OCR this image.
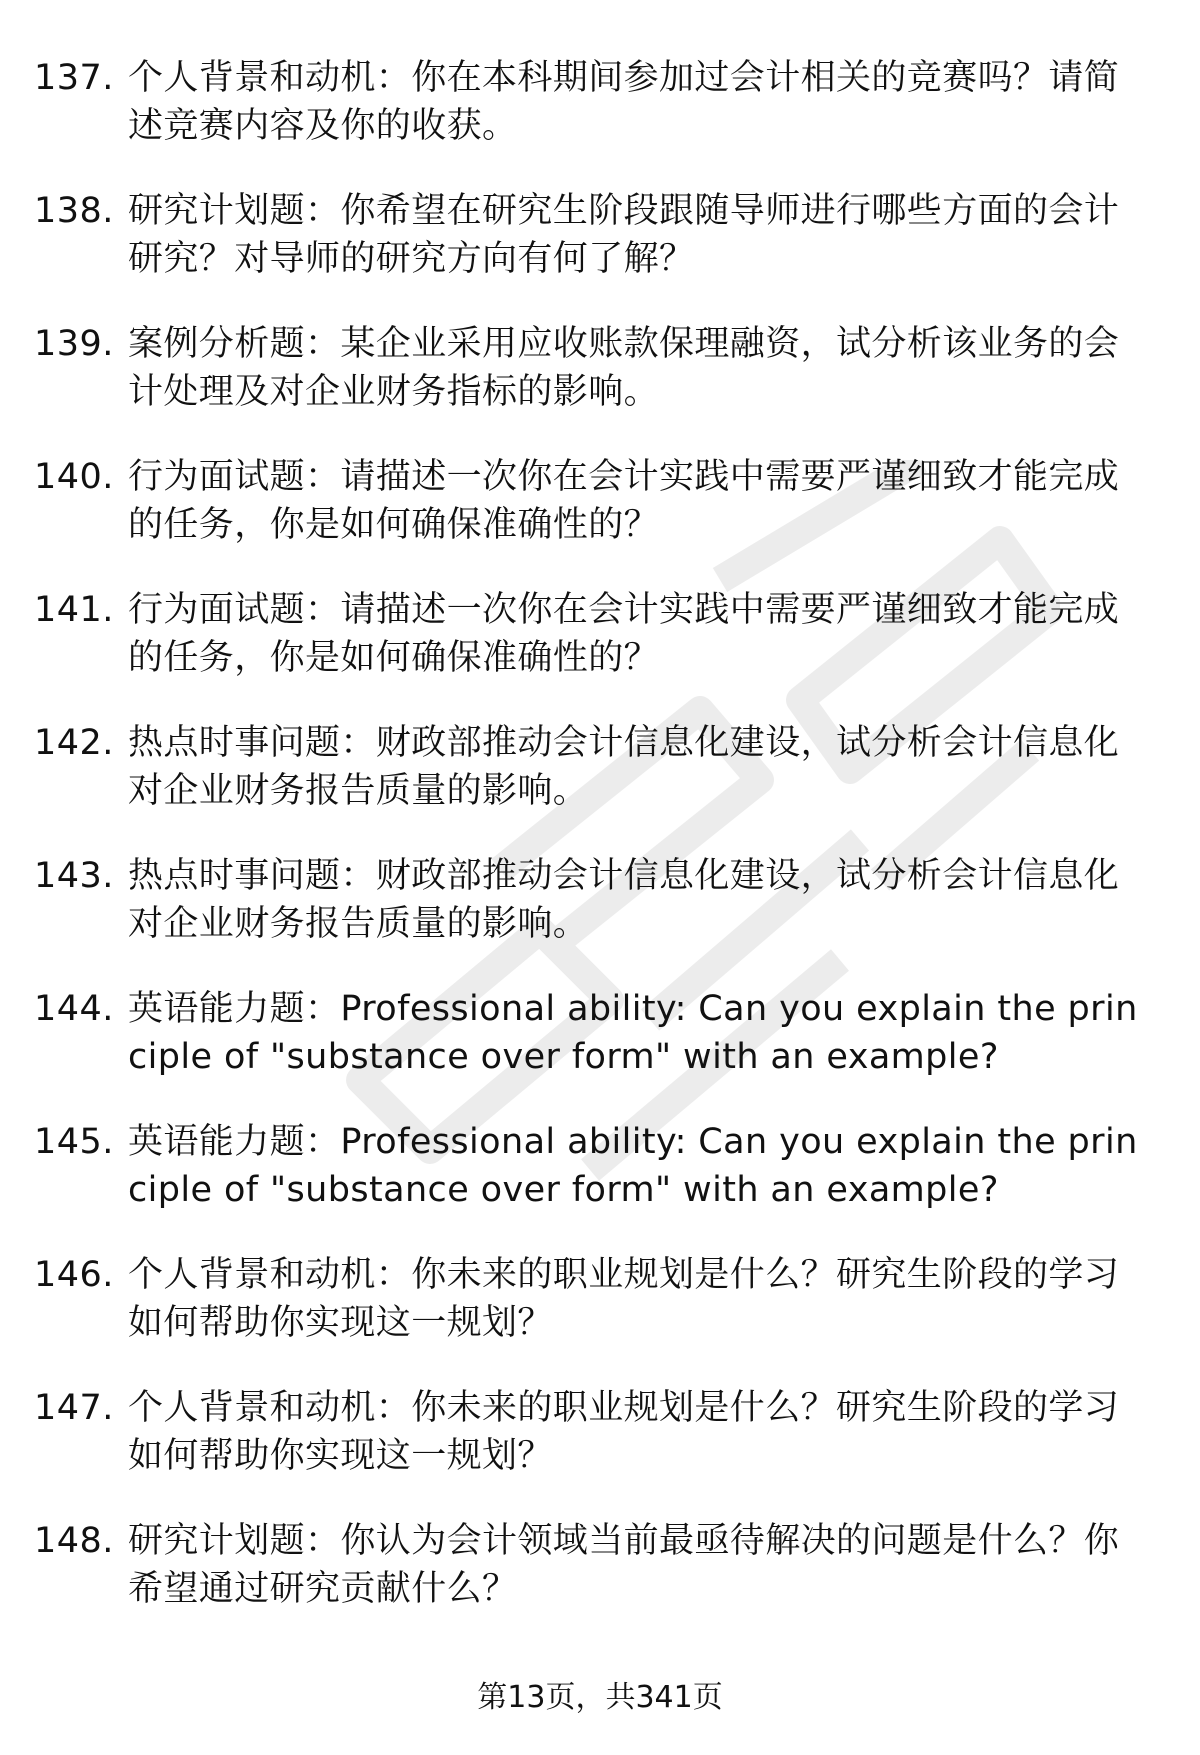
137. 个人背景和动机：你在本科期间参加过会计相关的竞赛吗？请简述竞赛内容及你的收获。
138. 研究计划题：你希望在研究生阶段跟随导师进行哪些方面的会计研究？对导师的研究方向有何了解？
139. 案例分析题：某企业采用应收账款保理融资，试分析该业务的会计处理及对企业财务指标的影响。
140. 行为面试题：请描述一次你在会计实践中需要严谨细致才能完成的任务，你是如何确保准确性的？
141. 行为面试题：请描述一次你在会计实践中需要严谨细致才能完成的任务，你是如何确保准确性的？
142. 热点时事问题：财政部推动会计信息化建设，试分析会计信息化对企业财务报告质量的影响。
143. 热点时事问题：财政部推动会计信息化建设，试分析会计信息化对企业财务报告质量的影响。
144. 英语能力题：Professional ability: Can you explain the principle of "substance over form" with an example?
145. 英语能力题：Professional ability: Can you explain the principle of "substance over form" with an example?
146. 个人背景和动机：你未来的职业规划是什么？研究生阶段的学习如何帮助你实现这一规划？
147. 个人背景和动机：你未来的职业规划是什么？研究生阶段的学习如何帮助你实现这一规划？
148. 研究计划题：你认为会计领域当前最亟待解决的问题是什么？你希望通过研究贡献什么？
第13页，共341页
